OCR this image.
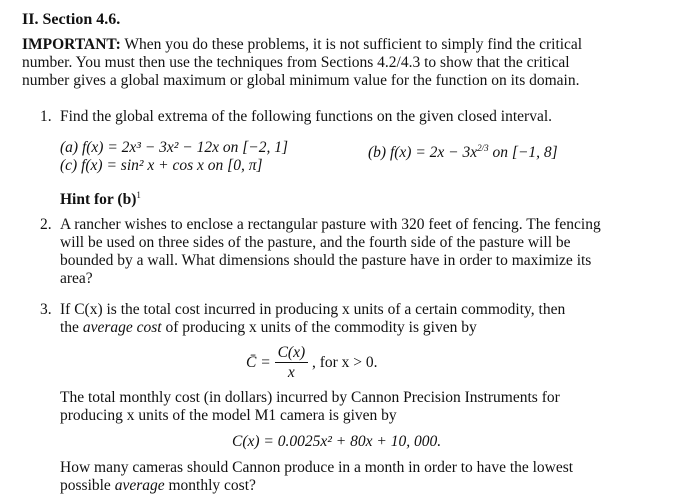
II. Section 4.6.
IMPORTANT: When you do these problems, it is not sufficient to simply find the critical
number. You must then use the techniques from Sections 4.2/4.3 to show that the critical
number gives a global maximum or global minimum value for the function on its domain.
1. Find the global extrema of the following functions on the given closed interval.
(a) f(x) = 2x³ − 3x² − 12x on [−2, 1]	(b) $f(x) = 2x - 3x^{2/3}$ on [−1, 8]
(c) f(x) = sin² x + cos x on [0, π]
Hint for $(b)^1$
2. A rancher wishes to enclose a rectangular pasture with 320 feet of fencing. The fencing
will be used on three sides of the pasture, and the fourth side of the pasture will be
bounded by a wall. What dimensions should the pasture have in order to maximize its
area?
3. If C(x) is the total cost incurred in producing x units of a certain commodity, then
the average cost of producing x units of the commodity is given by
C̄ = $\frac{C(x)}{x}$ , for x > 0.
The total monthly cost (in dollars) incurred by Cannon Precision Instruments for
producing x units of the model M1 camera is given by
C(x) = 0.0025x² + 80x + 10, 000.
How many cameras should Cannon produce in a month in order to have the lowest
possible average monthly cost?
